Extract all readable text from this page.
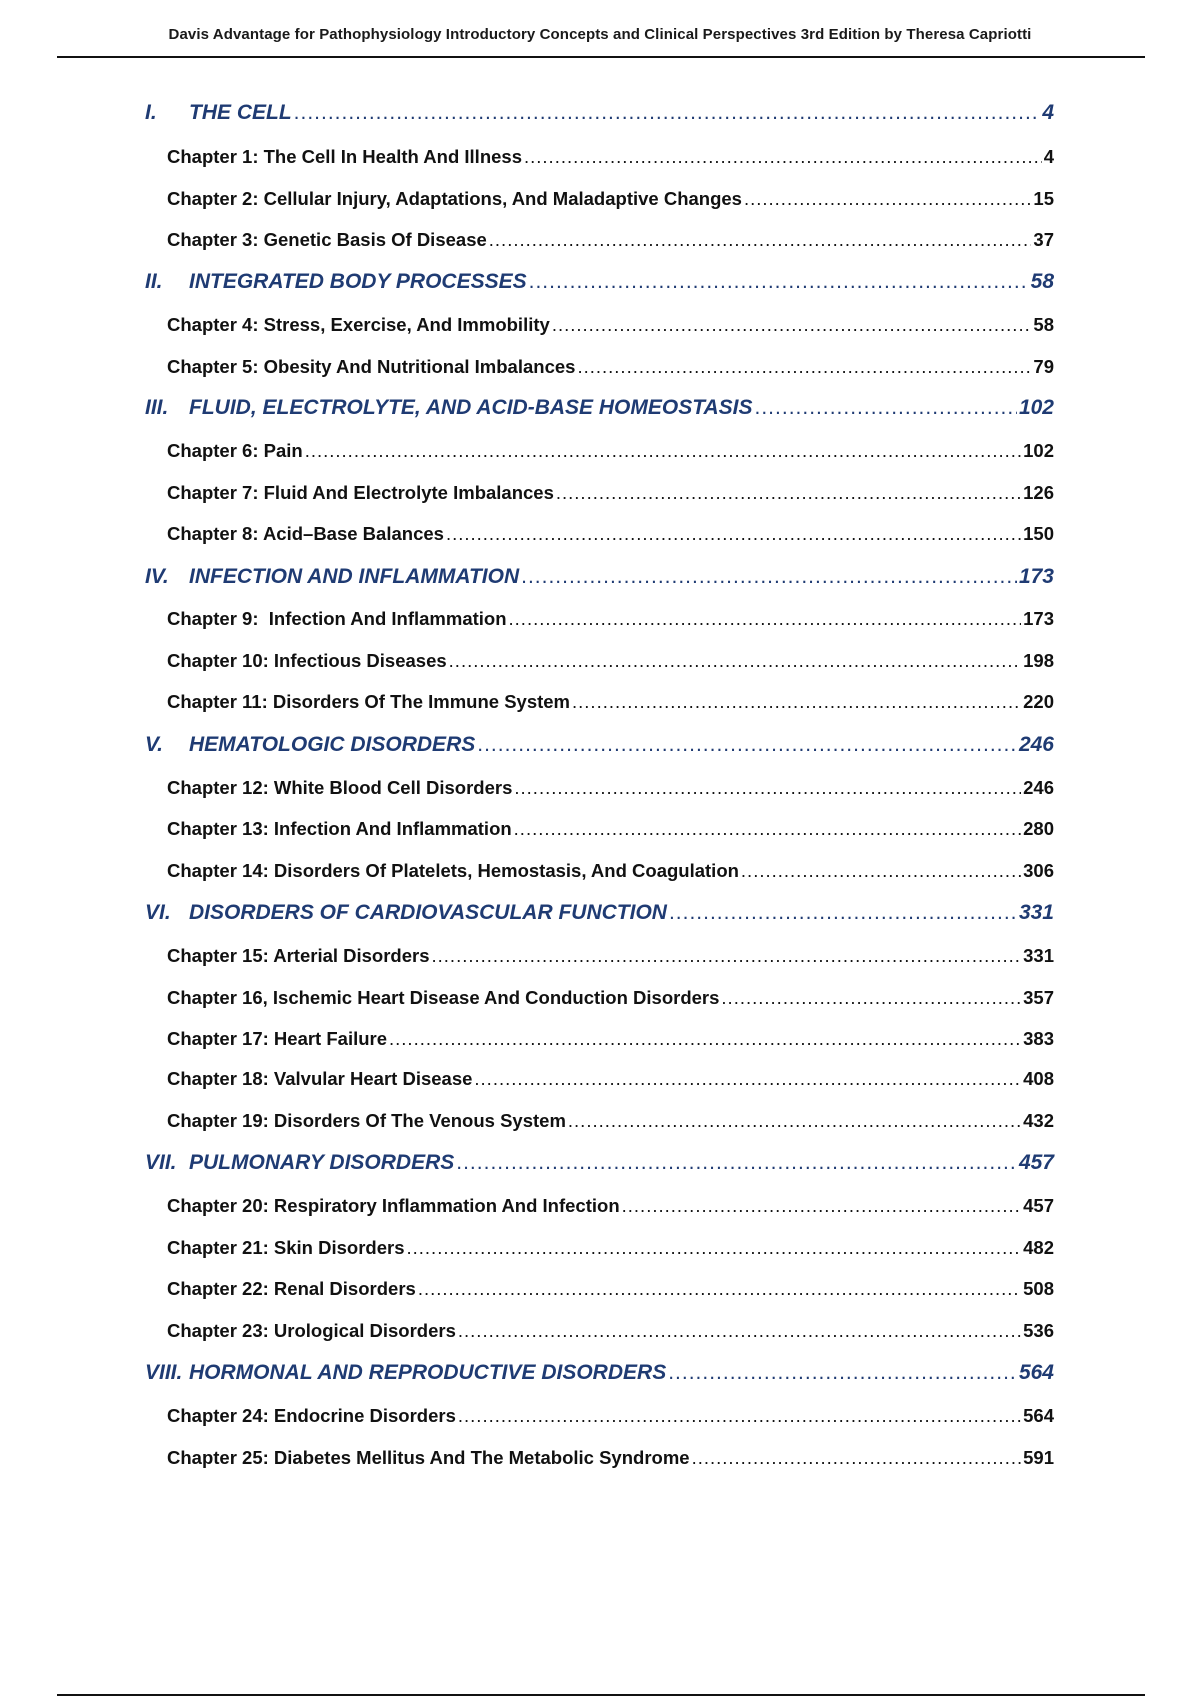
Davis Advantage for Pathophysiology Introductory Concepts and Clinical Perspectives 3rd Edition by Theresa Capriotti
I.	THE CELL .....	4
Chapter 1: The Cell In Health And Illness .....	4
Chapter 2: Cellular Injury, Adaptations, And Maladaptive Changes .....	15
Chapter 3: Genetic Basis Of Disease .....	37
II.	INTEGRATED BODY PROCESSES .....	58
Chapter 4: Stress, Exercise, And Immobility .....	58
Chapter 5: Obesity And Nutritional Imbalances .....	79
III. FLUID, ELECTROLYTE, AND ACID-BASE HOMEOSTASIS .....	102
Chapter 6: Pain .....	102
Chapter 7: Fluid And Electrolyte Imbalances .....	126
Chapter 8: Acid–Base Balances .....	150
IV. INFECTION AND INFLAMMATION .....	173
Chapter 9:  Infection And Inflammation .....	173
Chapter 10: Infectious Diseases .....	198
Chapter 11: Disorders Of The Immune System .....	220
V.	HEMATOLOGIC DISORDERS .....	246
Chapter 12: White Blood Cell Disorders .....	246
Chapter 13: Infection And Inflammation .....	280
Chapter 14: Disorders Of Platelets, Hemostasis, And Coagulation .....	306
VI. DISORDERS OF CARDIOVASCULAR FUNCTION .....	331
Chapter 15: Arterial Disorders .....	331
Chapter 16, Ischemic Heart Disease And Conduction Disorders .....	357
Chapter 17: Heart Failure .....	383
Chapter 18: Valvular Heart Disease .....	408
Chapter 19: Disorders Of The Venous System .....	432
VII. PULMONARY DISORDERS .....	457
Chapter 20: Respiratory Inflammation And Infection .....	457
Chapter 21: Skin Disorders .....	482
Chapter 22: Renal Disorders .....	508
Chapter 23: Urological Disorders .....	536
VIII. HORMONAL AND REPRODUCTIVE DISORDERS .....	564
Chapter 24: Endocrine Disorders .....	564
Chapter 25: Diabetes Mellitus And The Metabolic Syndrome .....	591
